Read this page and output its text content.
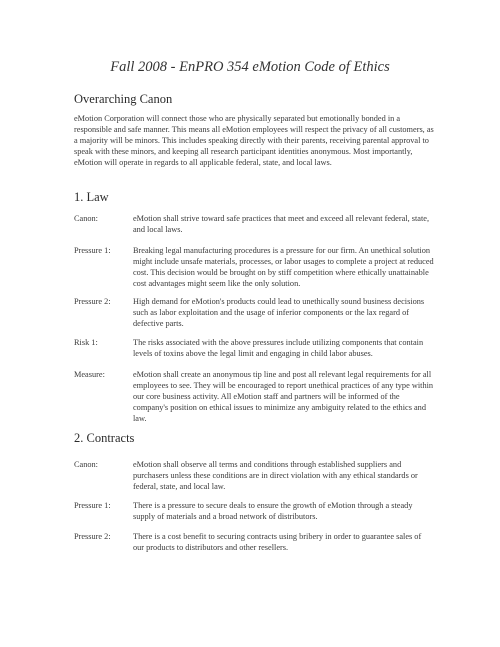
Fall 2008 - EnPRO 354 eMotion Code of Ethics
Overarching Canon
eMotion Corporation will connect those who are physically separated but emotionally bonded in a responsible and safe manner. This means all eMotion employees will respect the privacy of all customers, as a majority will be minors. This includes speaking directly with their parents, receiving parental approval to speak with these minors, and keeping all research participant identities anonymous. Most importantly, eMotion will operate in regards to all applicable federal, state, and local laws.
1. Law
Canon:	eMotion shall strive toward safe practices that meet and exceed all relevant federal, state, and local laws.
Pressure 1:	Breaking legal manufacturing procedures is a pressure for our firm. An unethical solution might include unsafe materials, processes, or labor usages to complete a project at reduced cost. This decision would be brought on by stiff competition where ethically unattainable cost advantages might seem like the only solution.
Pressure 2:	High demand for eMotion's products could lead to unethically sound business decisions such as labor exploitation and the usage of inferior components or the lax regard of defective parts.
Risk 1:	The risks associated with the above pressures include utilizing components that contain levels of toxins above the legal limit and engaging in child labor abuses.
Measure:	eMotion shall create an anonymous tip line and post all relevant legal requirements for all employees to see. They will be encouraged to report unethical practices of any type within our core business activity. All eMotion staff and partners will be informed of the company's position on ethical issues to minimize any ambiguity related to the ethics and law.
2. Contracts
Canon:	eMotion shall observe all terms and conditions through established suppliers and purchasers unless these conditions are in direct violation with any ethical standards or federal, state, and local law.
Pressure 1:	There is a pressure to secure deals to ensure the growth of eMotion through a steady supply of materials and a broad network of distributors.
Pressure 2:	There is a cost benefit to securing contracts using bribery in order to guarantee sales of our products to distributors and other resellers.
